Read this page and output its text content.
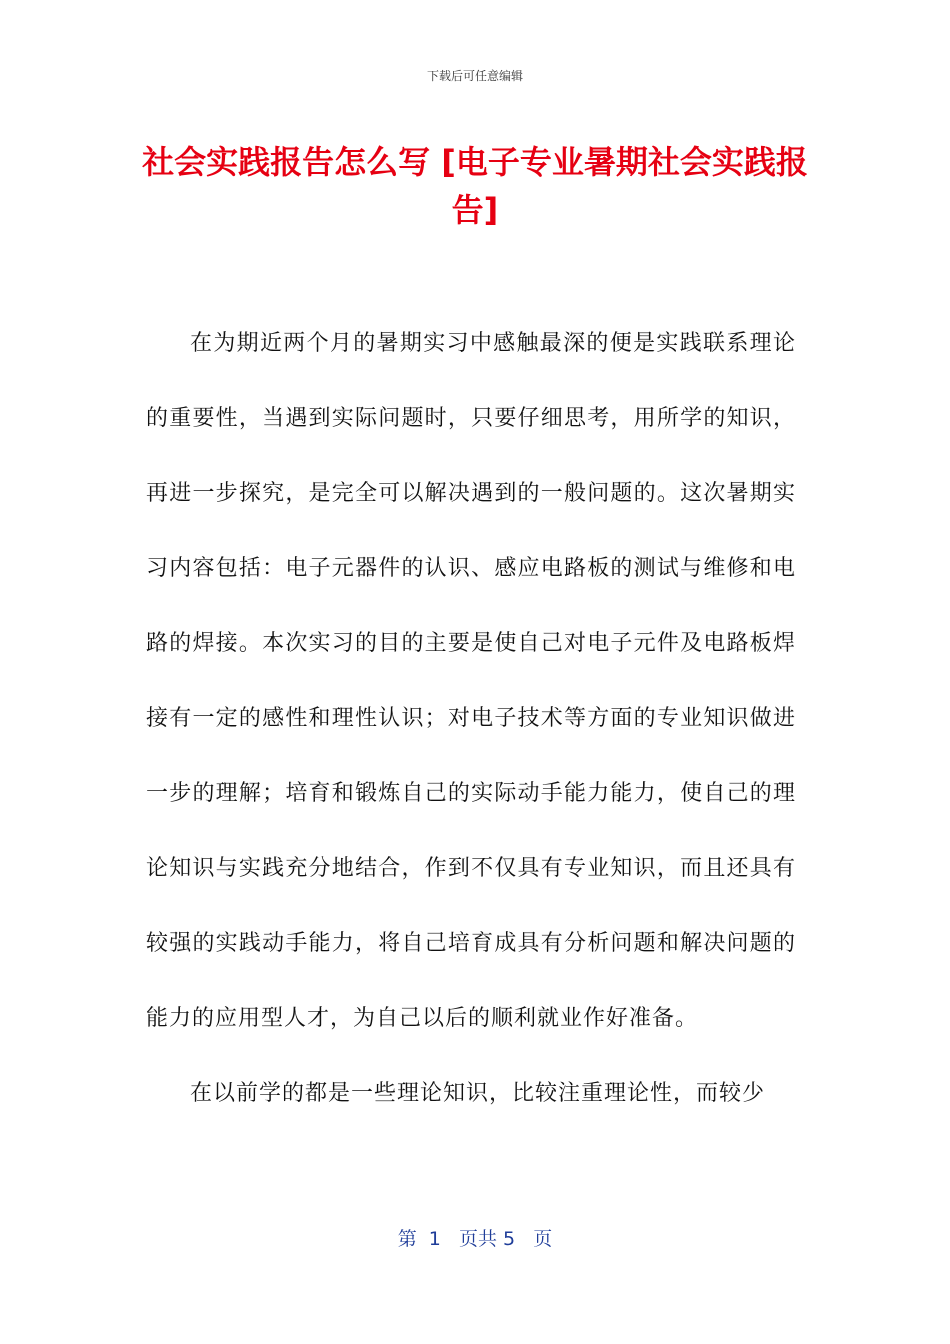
下载后可任意编辑
社会实践报告怎么写 [电子专业暑期社会实践报告]

在为期近两个月的暑期实习中感触最深的便是实践联系理论的重要性，当遇到实际问题时，只要仔细思考，用所学的知识，再进一步探究，是完全可以解决遇到的一般问题的。这次暑期实习内容包括：电子元器件的认识、感应电路板的测试与维修和电路的焊接。本次实习的目的主要是使自己对电子元件及电路板焊接有一定的感性和理性认识；对电子技术等方面的专业知识做进一步的理解；培育和锻炼自己的实际动手能力能力，使自己的理论知识与实践充分地结合，作到不仅具有专业知识，而且还具有较强的实践动手能力，将自己培育成具有分析问题和解决问题的能力的应用型人才，为自己以后的顺利就业作好准备。

在以前学的都是一些理论知识，比较注重理论性，而较少

第  1   页共 5   页
